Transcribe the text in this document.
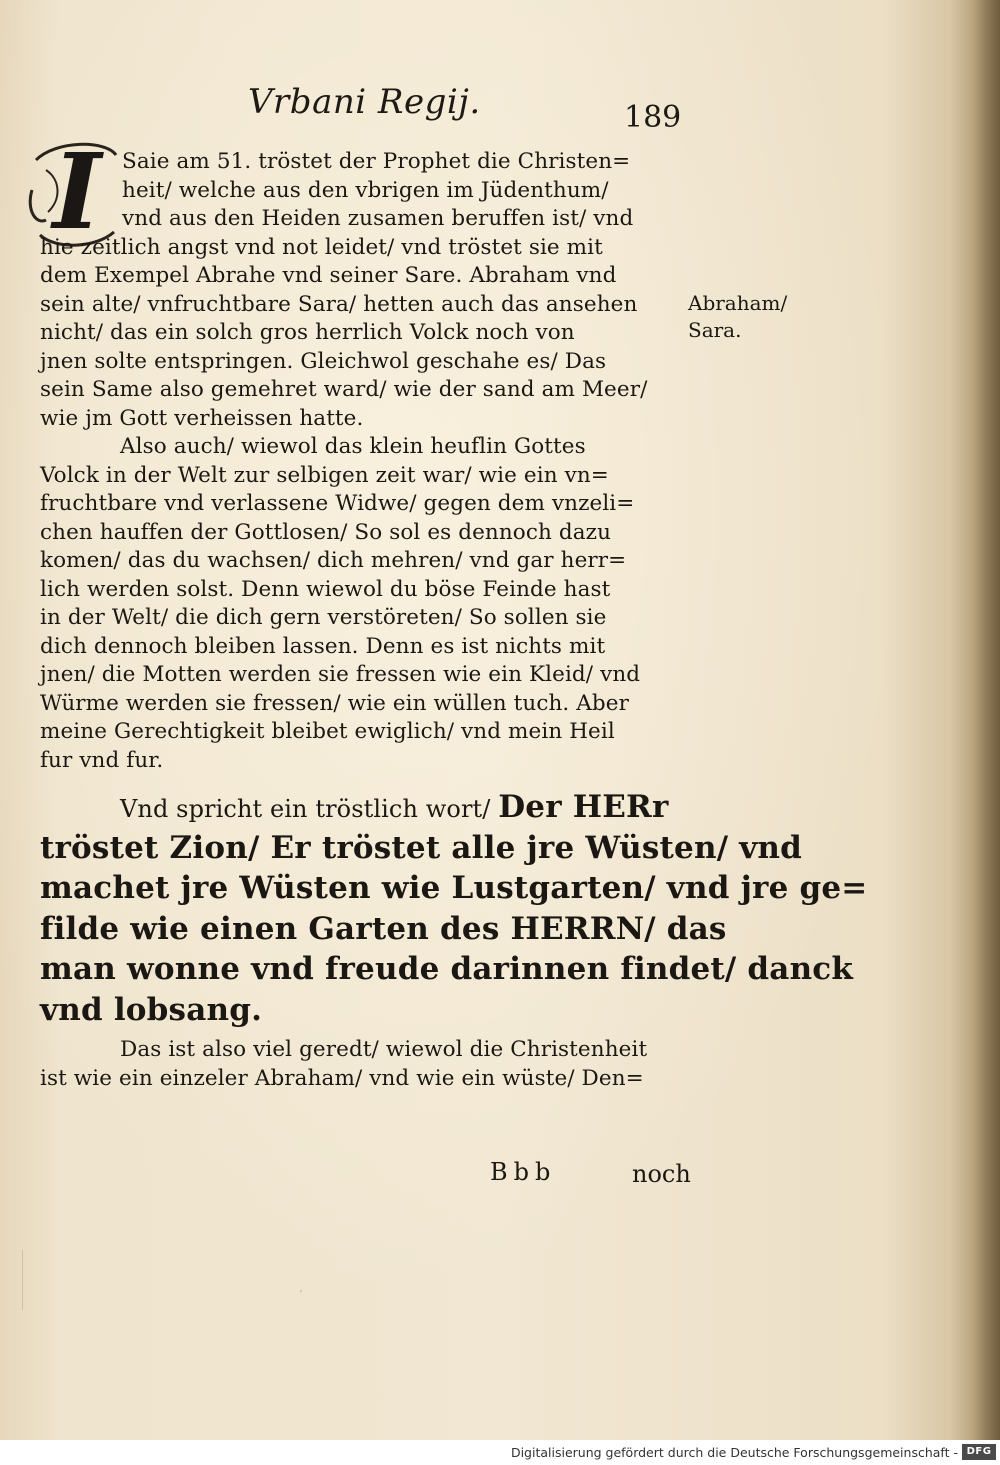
Vrbani Regij.	189
I Saie am 51. tröstet der Prophet die Christen=
heit/ welche aus den vbrigen im Jüdenthum/
vnd aus den Heiden zusamen beruffen ist/ vnd
hie zeitlich angst vnd not leidet/ vnd tröstet sie mit
dem Exempel Abrahe vnd seiner Sare. Abraham vnd
sein alte/ vnfruchtbare Sara/ hetten auch das ansehen
nicht/ das ein solch gros herrlich Volck noch von
jnen solte entspringen. Gleichwol geschahe es/ Das
sein Same also gemehret ward/ wie der sand am Meer/
wie jm Gott verheissen hatte.
Also auch/ wiewol das klein heuflin Gottes
Volck in der Welt zur selbigen zeit war/ wie ein vn=
fruchtbare vnd verlassene Widwe/ gegen dem vnzeli=
chen hauffen der Gottlosen/ So sol es dennoch dazu
komen/ das du wachsen/ dich mehren/ vnd gar herr=
lich werden solst. Denn wiewol du böse Feinde hast
in der Welt/ die dich gern verstöreten/ So sollen sie
dich dennoch bleiben lassen. Denn es ist nichts mit
jnen/ die Motten werden sie fressen wie ein Kleid/ vnd
Würme werden sie fressen/ wie ein wüllen tuch. Aber
meine Gerechtigkeit bleibet ewiglich/ vnd mein Heil
fur vnd fur.
Vnd spricht ein tröstlich wort/ Der HERr
tröstet Zion/ Er tröstet alle jre Wüsten/ vnd
machet jre Wüsten wie Lustgarten/ vnd jre ge=
filde wie einen Garten des HERRN/ das
man wonne vnd freude darinnen findet/ danck
vnd lobsang.
Das ist also viel geredt/ wiewol die Christenheit
ist wie ein einzeler Abraham/ vnd wie ein wüste/ Den=
Abraham/
Sara.
Bbb	noch
Digitalisierung gefördert durch die Deutsche Forschungsgemeinschaft - DFG
